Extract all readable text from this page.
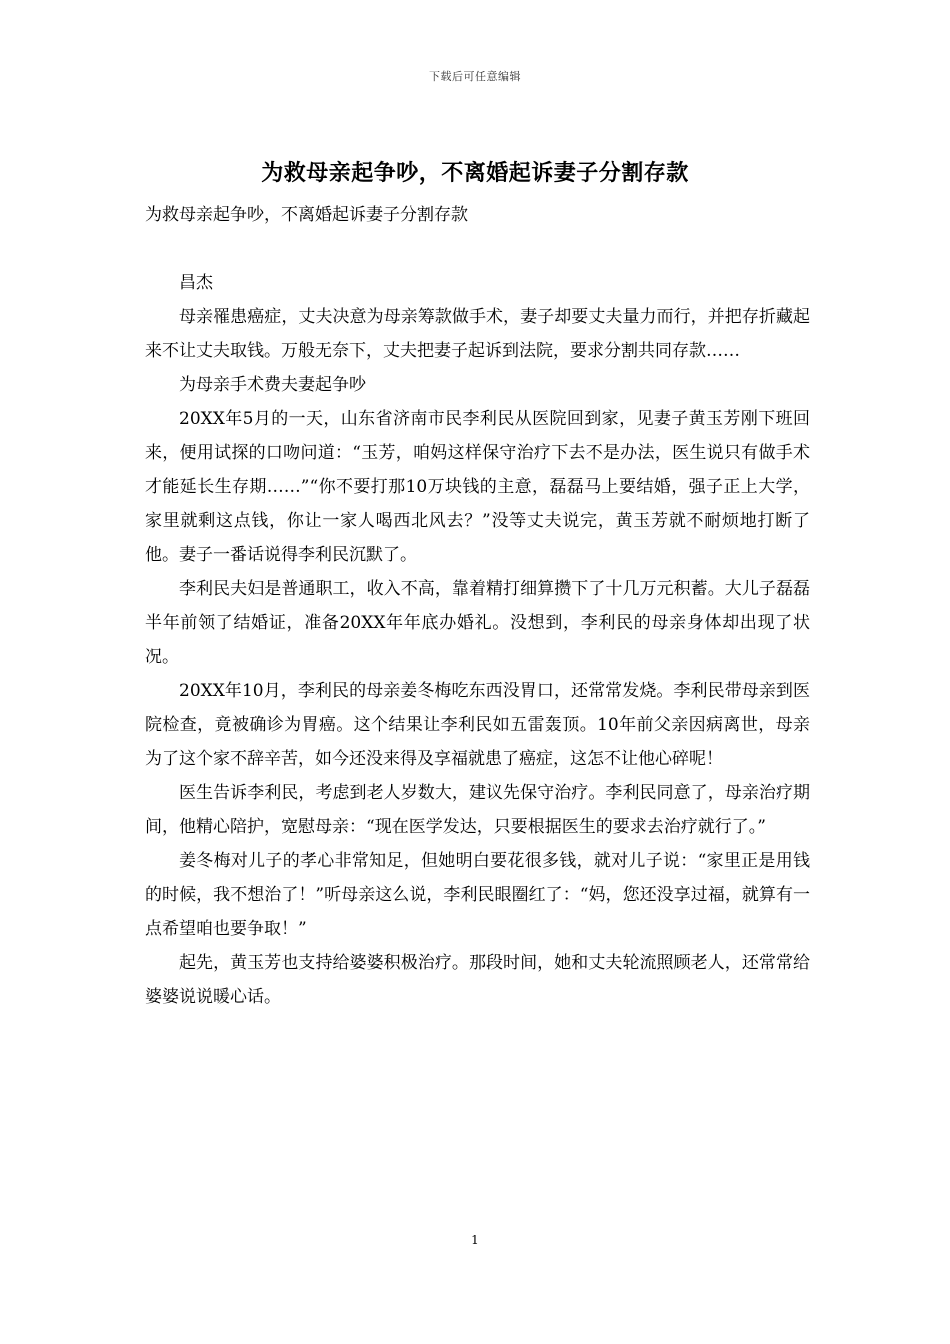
下载后可任意编辑
为救母亲起争吵，不离婚起诉妻子分割存款

为救母亲起争吵，不离婚起诉妻子分割存款

昌杰

母亲罹患癌症，丈夫决意为母亲筹款做手术，妻子却要丈夫量力而行，并把存折藏起来不让丈夫取钱。万般无奈下，丈夫把妻子起诉到法院，要求分割共同存款……

为母亲手术费夫妻起争吵

20XX年5月的一天，山东省济南市民李利民从医院回到家，见妻子黄玉芳刚下班回来，便用试探的口吻问道：“玉芳，咱妈这样保守治疗下去不是办法，医生说只有做手术才能延长生存期……”“你不要打那10万块钱的主意，磊磊马上要结婚，强子正上大学，家里就剩这点钱，你让一家人喝西北风去？”没等丈夫说完，黄玉芳就不耐烦地打断了他。妻子一番话说得李利民沉默了。

李利民夫妇是普通职工，收入不高，靠着精打细算攒下了十几万元积蓄。大儿子磊磊半年前领了结婚证，准备20XX年年底办婚礼。没想到，李利民的母亲身体却出现了状况。

20XX年10月，李利民的母亲姜冬梅吃东西没胃口，还常常发烧。李利民带母亲到医院检查，竟被确诊为胃癌。这个结果让李利民如五雷轰顶。10年前父亲因病离世，母亲为了这个家不辞辛苦，如今还没来得及享福就患了癌症，这怎不让他心碎呢！

医生告诉李利民，考虑到老人岁数大，建议先保守治疗。李利民同意了，母亲治疗期间，他精心陪护，宽慰母亲：“现在医学发达，只要根据医生的要求去治疗就行了。”

姜冬梅对儿子的孝心非常知足，但她明白要花很多钱，就对儿子说：“家里正是用钱的时候，我不想治了！”听母亲这么说，李利民眼圈红了：“妈，您还没享过福，就算有一点希望咱也要争取！”

起先，黄玉芳也支持给婆婆积极治疗。那段时间，她和丈夫轮流照顾老人，还常常给婆婆说说暖心话。

1
